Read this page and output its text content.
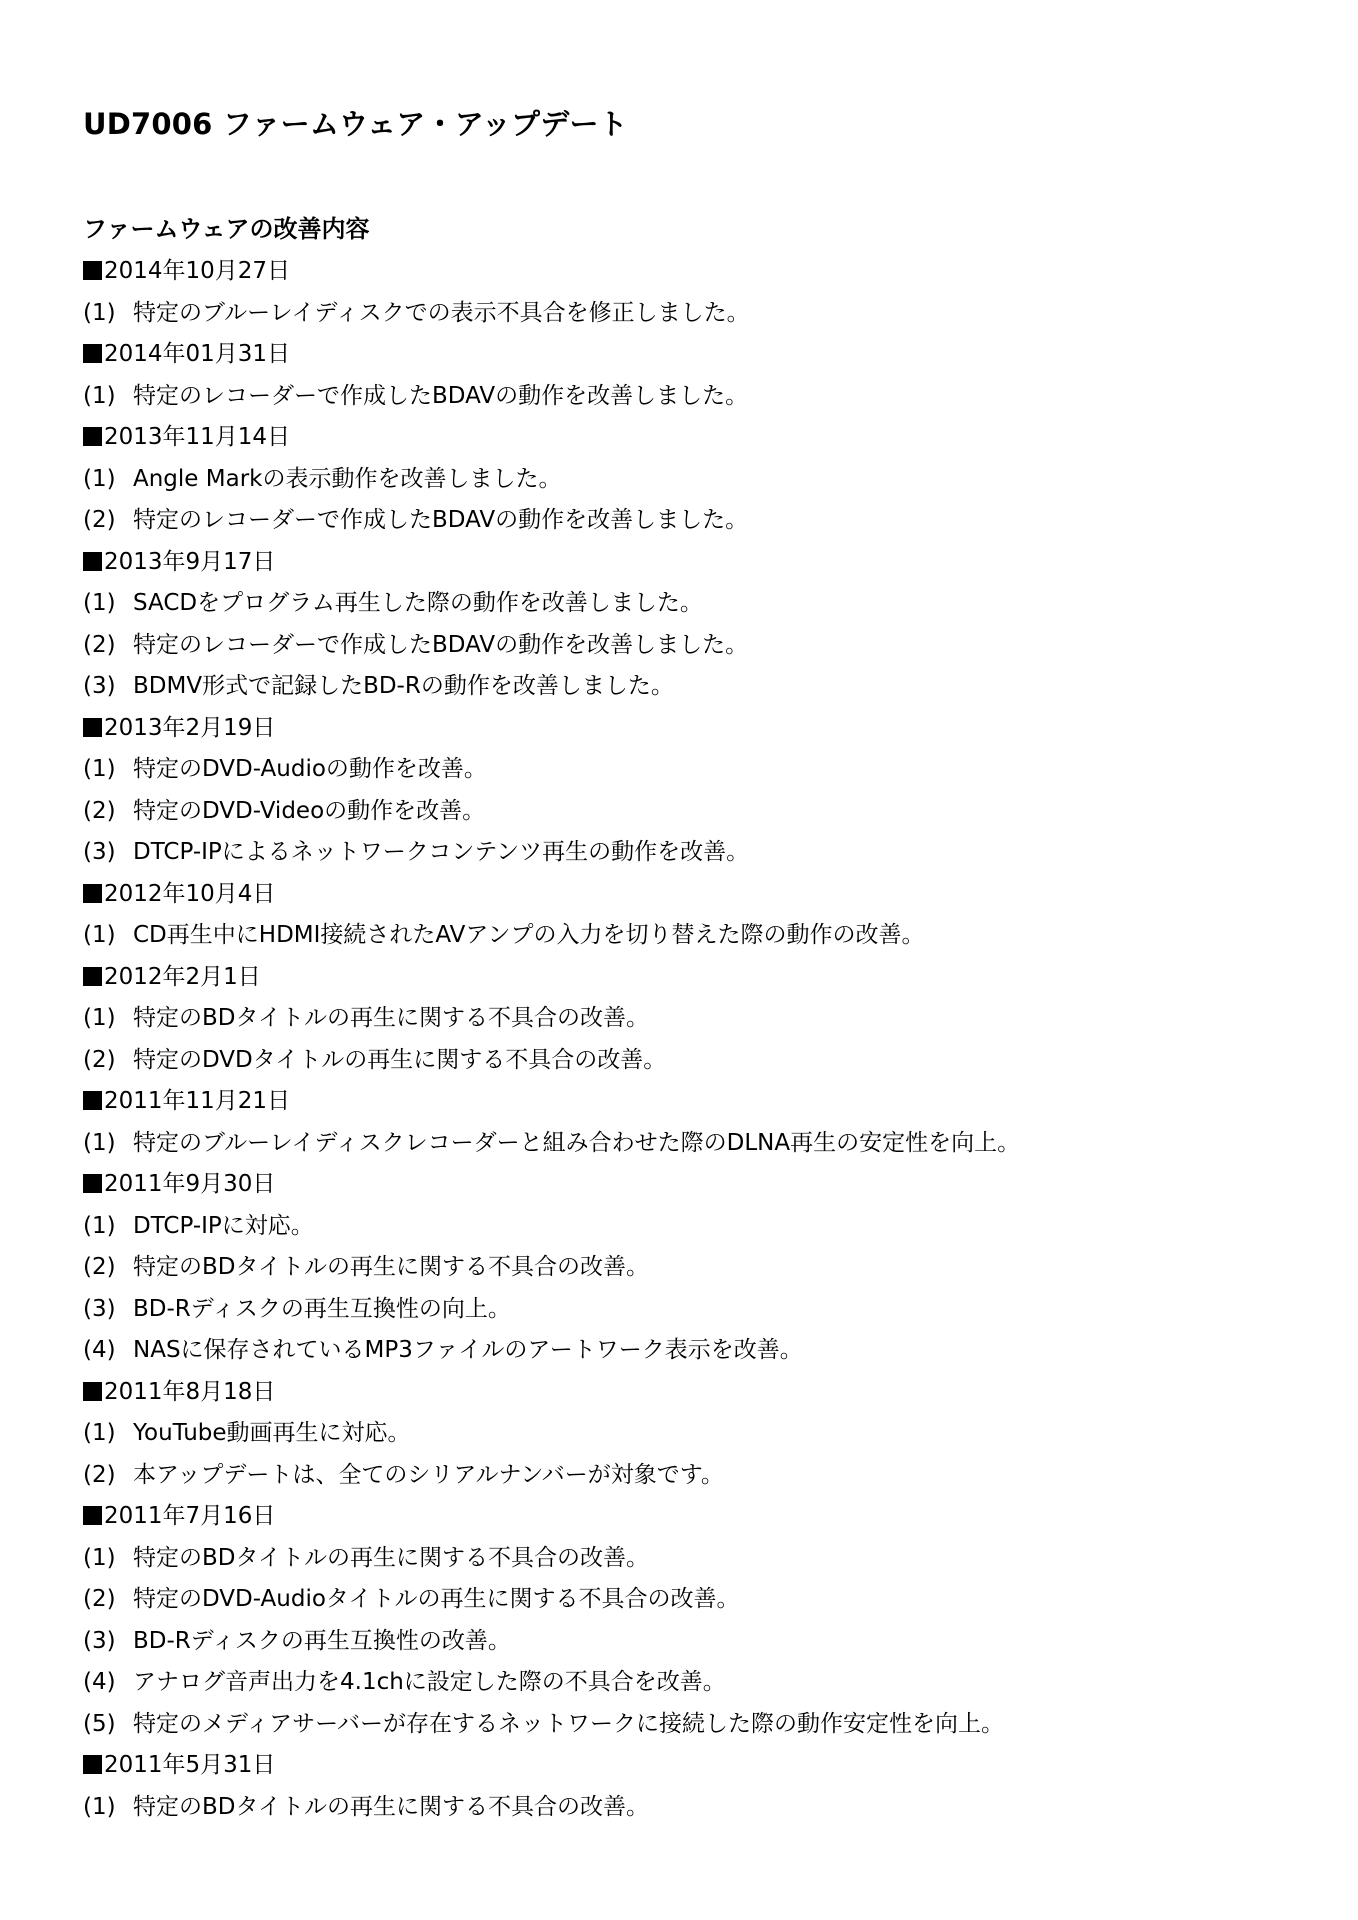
UD7006 ファームウェア・アップデート
ファームウェアの改善内容
2014年10月27日
(1) 特定のブルーレイディスクでの表示不具合を修正しました。
2014年01月31日
(1) 特定のレコーダーで作成したBDAVの動作を改善しました。
2013年11月14日
(1) Angle Markの表示動作を改善しました。
(2) 特定のレコーダーで作成したBDAVの動作を改善しました。
2013年9月17日
(1) SACDをプログラム再生した際の動作を改善しました。
(2) 特定のレコーダーで作成したBDAVの動作を改善しました。
(3) BDMV形式で記録したBD-Rの動作を改善しました。
2013年2月19日
(1) 特定のDVD-Audioの動作を改善。
(2) 特定のDVD-Videoの動作を改善。
(3) DTCP-IPによるネットワークコンテンツ再生の動作を改善。
2012年10月4日
(1) CD再生中にHDMI接続されたAVアンプの入力を切り替えた際の動作の改善。
2012年2月1日
(1) 特定のBDタイトルの再生に関する不具合の改善。
(2) 特定のDVDタイトルの再生に関する不具合の改善。
2011年11月21日
(1) 特定のブルーレイディスクレコーダーと組み合わせた際のDLNA再生の安定性を向上。
2011年9月30日
(1) DTCP-IPに対応。
(2) 特定のBDタイトルの再生に関する不具合の改善。
(3) BD-Rディスクの再生互換性の向上。
(4) NASに保存されているMP3ファイルのアートワーク表示を改善。
2011年8月18日
(1) YouTube動画再生に対応。
(2) 本アップデートは、全てのシリアルナンバーが対象です。
2011年7月16日
(1) 特定のBDタイトルの再生に関する不具合の改善。
(2) 特定のDVD-Audioタイトルの再生に関する不具合の改善。
(3) BD-Rディスクの再生互換性の改善。
(4) アナログ音声出力を4.1chに設定した際の不具合を改善。
(5) 特定のメディアサーバーが存在するネットワークに接続した際の動作安定性を向上。
2011年5月31日
(1) 特定のBDタイトルの再生に関する不具合の改善。
